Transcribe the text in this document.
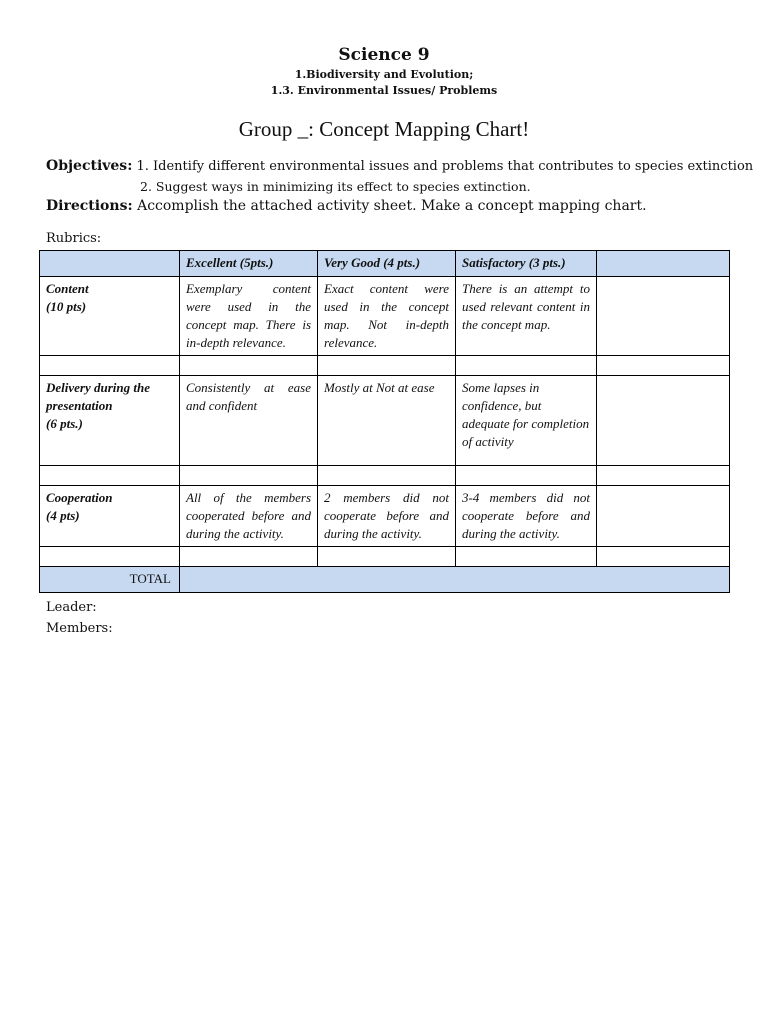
Science 9
1.Biodiversity and Evolution;
1.3. Environmental Issues/ Problems
Group _: Concept Mapping Chart!
Objectives: 1. Identify different environmental issues and problems that contributes to species extinction
2. Suggest ways in minimizing its effect to species extinction.
Directions: Accomplish the attached activity sheet. Make a concept mapping chart.
Rubrics:
	Excellent (5pts.)	Very Good (4 pts.)	Satisfactory (3 pts.)	

Content
(10 pts)	Exemplary content were used in the concept map. There is in-depth relevance.	Exact content were used in the concept map. Not in-depth relevance.	There is an attempt to used relevant content in the concept map.	

Delivery during the presentation
(6 pts.)	Consistently at ease and confident	Mostly at Not at ease	Some lapses in confidence, but adequate for completion of activity	

Cooperation
(4 pts)	All of the members cooperated before and during the activity.	2 members did not cooperate before and during the activity.	3-4 members did not cooperate before and during the activity.	

TOTAL				
Leader:
Members:
